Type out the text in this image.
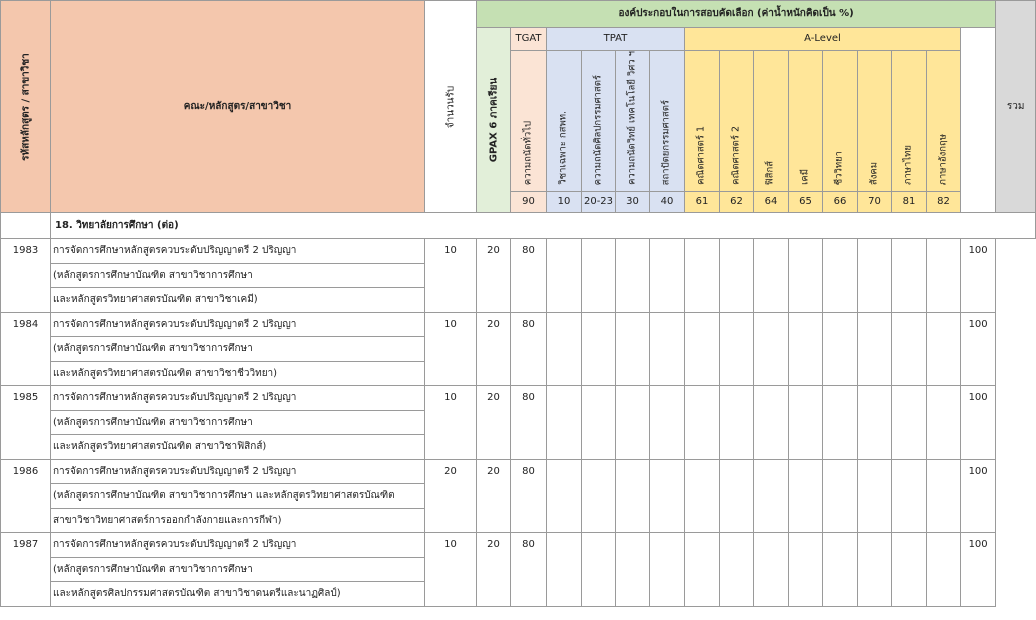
รหัสหลักสูตร / สาขาวิชา	คณะ/หลักสูตร/สาขาวิชา	จำนวนรับ	องค์ประกอบในการสอบคัดเลือก (ค่าน้ำหนักคิดเป็น %)															รวม

			GPAX 6 ภาคเรียน	TGAT	TPAT				A-Level									

				ความถนัดทั่วไป	วิชาเฉพาะ กสพท.	ความถนัดศิลปกรรมศาสตร์	ความถนัดวิทย์ เทคโนโลยี วิศว ฯ	สถาปัตยกรรมศาสตร์	คณิตศาสตร์ 1	คณิตศาสตร์ 2	ฟิสิกส์	เคมี	ชีววิทยา	สังคม	ภาษาไทย	ภาษาอังกฤษ		

				90	10	20-23	30	40	61	62	64	65	66	70	81	82		
	18. วิทยาลัยการศึกษา (ต่อ)																	
1983	การจัดการศึกษาหลักสูตรควบระดับปริญญาตรี 2 ปริญญา
(หลักสูตรการศึกษาบัณฑิต สาขาวิชาการศึกษา
และหลักสูตรวิทยาศาสตรบัณฑิต สาขาวิชาเคมี)	10	20	80													100	
1984	การจัดการศึกษาหลักสูตรควบระดับปริญญาตรี 2 ปริญญา
(หลักสูตรการศึกษาบัณฑิต สาขาวิชาการศึกษา
และหลักสูตรวิทยาศาสตรบัณฑิต สาขาวิชาชีววิทยา)	10	20	80													100	
1985	การจัดการศึกษาหลักสูตรควบระดับปริญญาตรี 2 ปริญญา
(หลักสูตรการศึกษาบัณฑิต สาขาวิชาการศึกษา
และหลักสูตรวิทยาศาสตรบัณฑิต สาขาวิชาฟิสิกส์)	10	20	80													100	
1986	การจัดการศึกษาหลักสูตรควบระดับปริญญาตรี 2 ปริญญา
(หลักสูตรการศึกษาบัณฑิต สาขาวิชาการศึกษา และหลักสูตรวิทยาศาสตรบัณฑิต
สาขาวิชาวิทยาศาสตร์การออกกำลังกายและการกีฬา)	20	20	80													100	
1987	การจัดการศึกษาหลักสูตรควบระดับปริญญาตรี 2 ปริญญา
(หลักสูตรการศึกษาบัณฑิต สาขาวิชาการศึกษา
และหลักสูตรศิลปกรรมศาสตรบัณฑิต สาขาวิชาดนตรีและนาฏศิลป์)	10	20	80													100	
